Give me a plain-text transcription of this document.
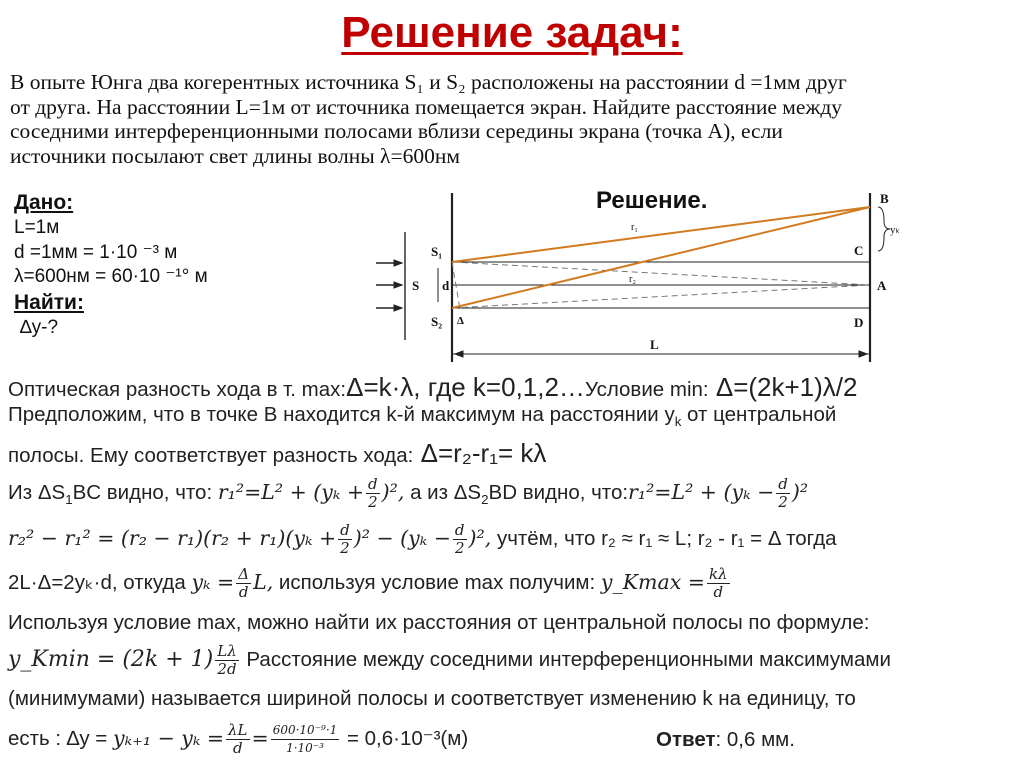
Решение задач:
В опыте Юнга два когерентных источника S₁ и S₂ расположены на расстоянии d =1мм друг
от друга. На расстоянии L=1м от источника помещается экран. Найдите расстояние между
соседними интерференционными полосами вблизи середины экрана (точка А), если
источники посылают свет длины волны λ=600нм
Дано:
L=1м
d =1мм = 1·10 ⁻³ м
λ=600нм = 60·10 ⁻¹° м
Найти:
∆y-?
Решение.
S₁
S₂
S d
Δ
B
C
A
D
L
r₁
r₂
yₖ
Оптическая разность хода в т. max:Δ=k·λ, где k=0,1,2…Условие min: Δ=(2k+1)λ/2
Предположим, что в точке В находится k-й максимум на расстоянии $y_k$ от центральной
полосы. Ему соответствует разность хода: Δ=r₂-r₁= kλ
Из $\Delta S_1BC$ видно, что: $r_1^2=L^2 + (y_k + \frac{d}{2} )^2$, а из $\Delta S_2BD$ видно, что:r₁²=L² + $(y_k - \frac{d}{2} )^2$
$r_2^2 - r_1^2 = (r_2 - r_1)(r_2 + r_1)(y_k + \frac{d}{2} )^2 - (y_k - \frac{d}{2} )^2$, учтём, что r₂ ≈ r₁ ≈ L; r₂ - r₁ = Δ тогда
2L·Δ=2yₖ·d, откуда $y_k = \frac{\Delta}{d} L$, используя условие max получим: y_Kmax = $\frac{k\lambda}{d}$
Используя условие max, можно найти их расстояния от центральной полосы по формуле:
y_Kmin = $(2k + 1) \frac{L\lambda}{2d}$ Расстояние между соседними интерференционными максимумами
(минимумами) называется шириной полосы и соответствует изменению k на единицу, то
есть : $\Delta y = y_{k+1} - y_k = \frac{\lambda L}{d} = \frac{\text{600·10⁻⁹·1}}{\text{1·10⁻³}} = 0,6\cdot 10^{-3}(м)$	Ответ: 0,6 мм.
